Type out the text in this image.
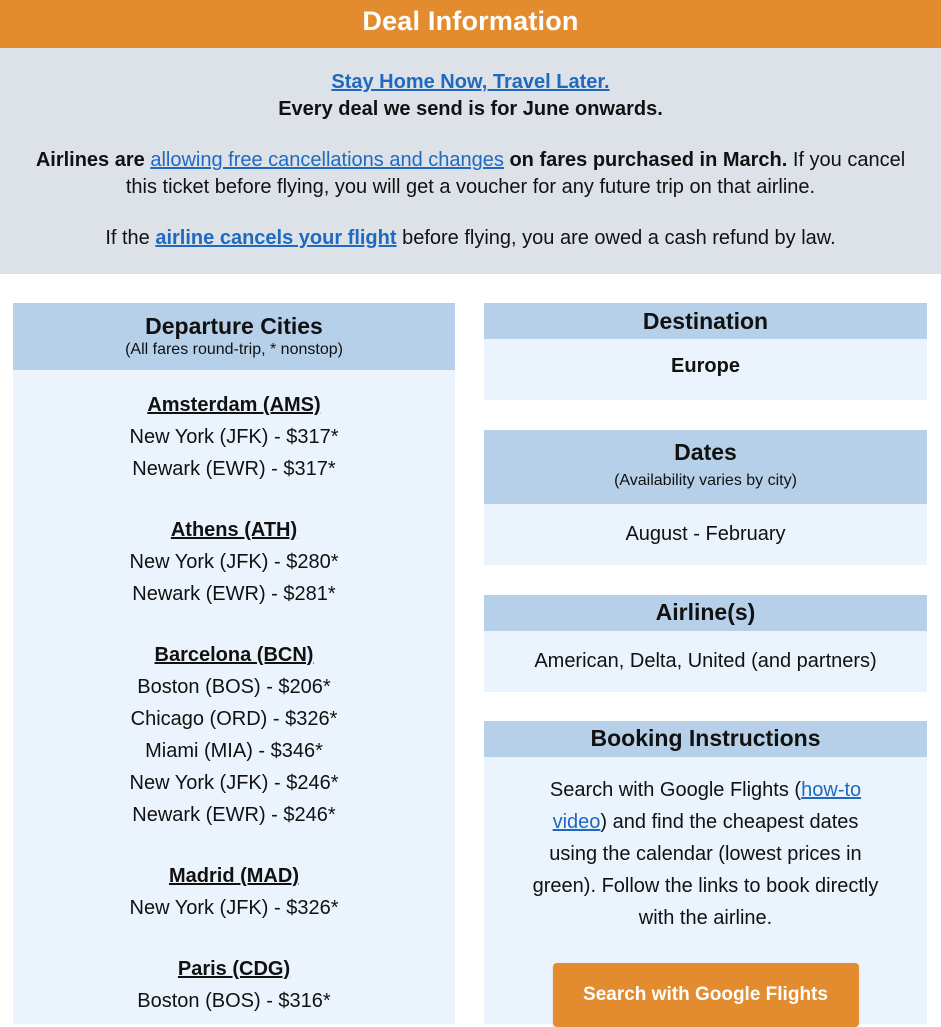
Deal Information
Stay Home Now, Travel Later.
Every deal we send is for June onwards.
Airlines are allowing free cancellations and changes on fares purchased in March. If you cancel this ticket before flying, you will get a voucher for any future trip on that airline.
If the airline cancels your flight before flying, you are owed a cash refund by law.
Departure Cities
(All fares round-trip, * nonstop)
Amsterdam (AMS)
New York (JFK) - $317*
Newark (EWR) - $317*
Athens (ATH)
New York (JFK) - $280*
Newark (EWR) - $281*
Barcelona (BCN)
Boston (BOS) - $206*
Chicago (ORD) - $326*
Miami (MIA) - $346*
New York (JFK) - $246*
Newark (EWR) - $246*
Madrid (MAD)
New York (JFK) - $326*
Paris (CDG)
Boston (BOS) - $316*
Destination
Europe
Dates
(Availability varies by city)
August - February
Airline(s)
American, Delta, United (and partners)
Booking Instructions
Search with Google Flights (how-to video) and find the cheapest dates using the calendar (lowest prices in green). Follow the links to book directly with the airline.
Search with Google Flights
